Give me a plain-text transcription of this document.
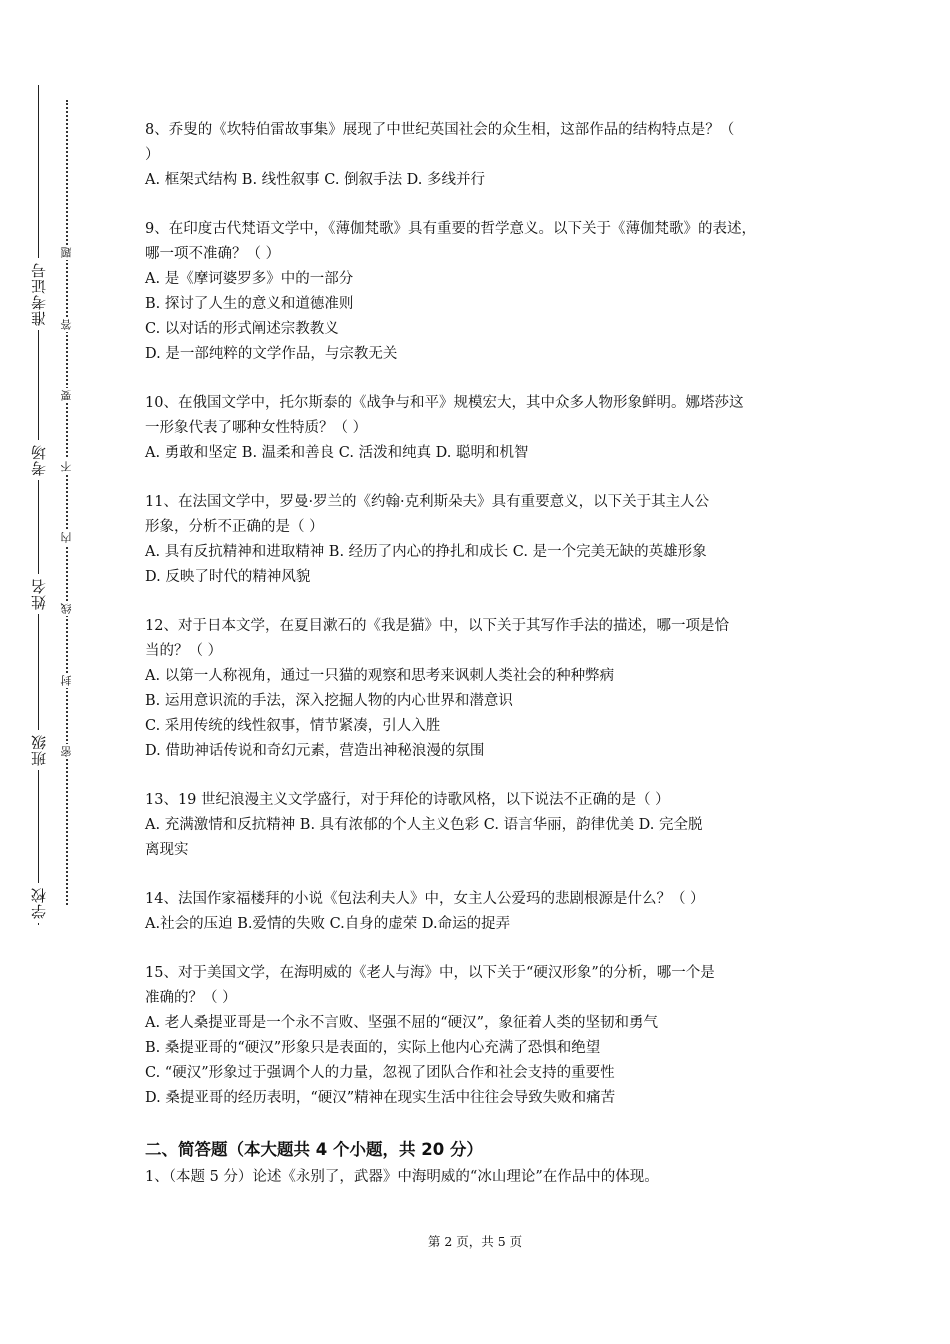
准考证号
考场
姓名
班级
学校
题
答
要
不
内
线
封
密

8、乔叟的《坎特伯雷故事集》展现了中世纪英国社会的众生相，这部作品的结构特点是？（

）

A. 框架式结构 B. 线性叙事 C. 倒叙手法 D. 多线并行

9、在印度古代梵语文学中，《薄伽梵歌》具有重要的哲学意义。以下关于《薄伽梵歌》的表述，

哪一项不准确？（ ）

A. 是《摩诃婆罗多》中的一部分

B. 探讨了人生的意义和道德准则

C. 以对话的形式阐述宗教教义

D. 是一部纯粹的文学作品，与宗教无关

10、在俄国文学中，托尔斯泰的《战争与和平》规模宏大，其中众多人物形象鲜明。娜塔莎这

一形象代表了哪种女性特质？（ ）

A. 勇敢和坚定 B. 温柔和善良 C. 活泼和纯真 D. 聪明和机智

11、在法国文学中，罗曼·罗兰的《约翰·克利斯朵夫》具有重要意义，以下关于其主人公

形象，分析不正确的是（ ）

A. 具有反抗精神和进取精神 B. 经历了内心的挣扎和成长 C. 是一个完美无缺的英雄形象

D. 反映了时代的精神风貌

12、对于日本文学，在夏目漱石的《我是猫》中，以下关于其写作手法的描述，哪一项是恰

当的？（ ）

A. 以第一人称视角，通过一只猫的观察和思考来讽刺人类社会的种种弊病

B. 运用意识流的手法，深入挖掘人物的内心世界和潜意识

C. 采用传统的线性叙事，情节紧凑，引人入胜

D. 借助神话传说和奇幻元素，营造出神秘浪漫的氛围

13、19 世纪浪漫主义文学盛行，对于拜伦的诗歌风格，以下说法不正确的是（ ）

A. 充满激情和反抗精神 B. 具有浓郁的个人主义色彩 C. 语言华丽，韵律优美 D. 完全脱

离现实

14、法国作家福楼拜的小说《包法利夫人》中，女主人公爱玛的悲剧根源是什么？（ ）

A.社会的压迫 B.爱情的失败 C.自身的虚荣 D.命运的捉弄

15、对于美国文学，在海明威的《老人与海》中，以下关于“硬汉形象”的分析，哪一个是

准确的？（ ）

A. 老人桑提亚哥是一个永不言败、坚强不屈的“硬汉”，象征着人类的坚韧和勇气

B. 桑提亚哥的“硬汉”形象只是表面的，实际上他内心充满了恐惧和绝望

C. “硬汉”形象过于强调个人的力量，忽视了团队合作和社会支持的重要性

D. 桑提亚哥的经历表明，“硬汉”精神在现实生活中往往会导致失败和痛苦

二、简答题（本大题共 4 个小题，共 20 分）

1、（本题 5 分）论述《永别了，武器》中海明威的“冰山理论”在作品中的体现。

第 2 页，共 5 页
